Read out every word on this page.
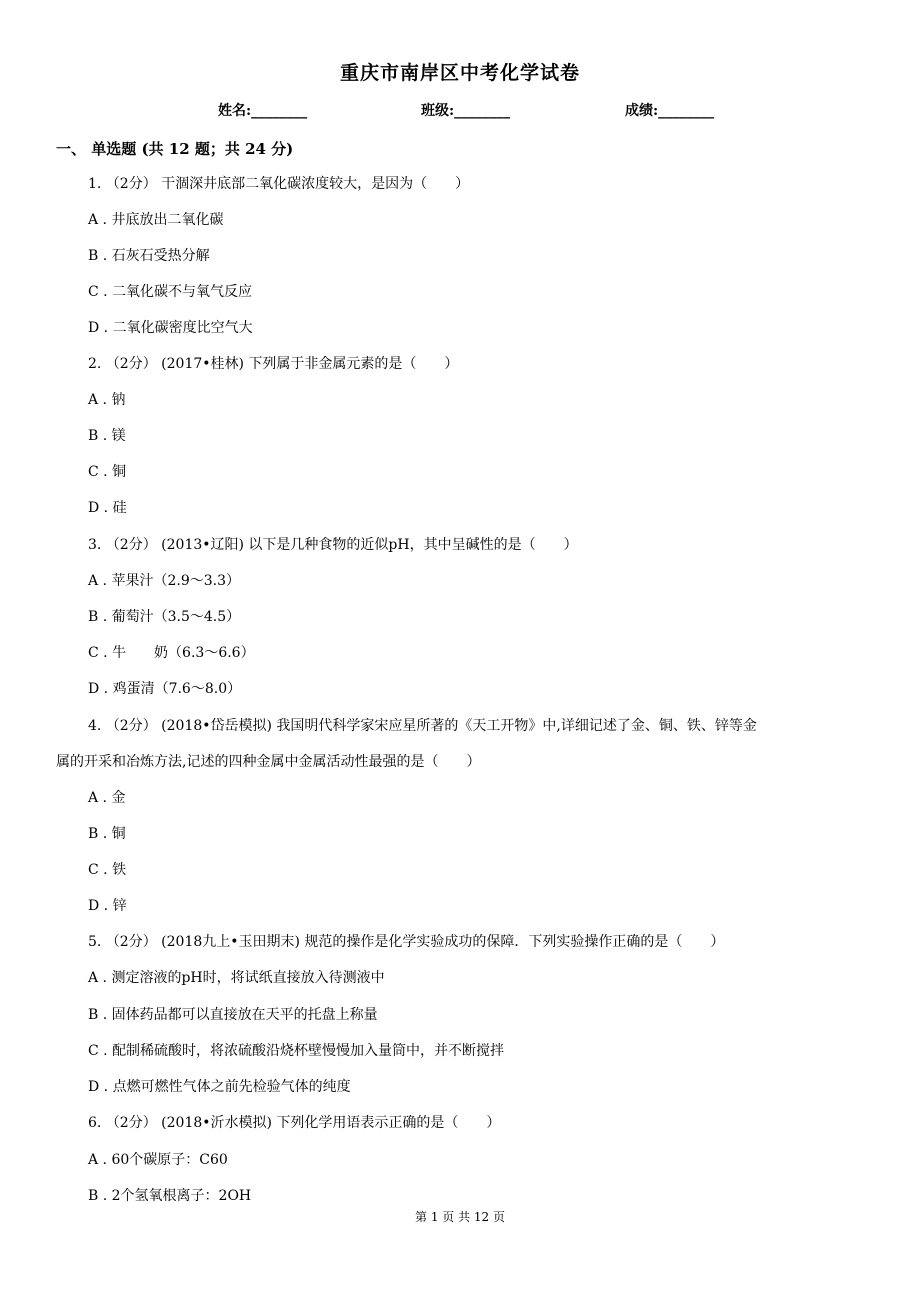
重庆市南岸区中考化学试卷
姓名:________	班级:________	成绩:________
一、 单选题 (共 12 题；共 24 分)
1. （2分） 干涸深井底部二氧化碳浓度较大，是因为（　　）
A . 井底放出二氧化碳
B . 石灰石受热分解
C . 二氧化碳不与氧气反应
D . 二氧化碳密度比空气大
2. （2分） (2017•桂林) 下列属于非金属元素的是（　　）
A . 钠
B . 镁
C . 铜
D . 硅
3. （2分） (2013•辽阳) 以下是几种食物的近似pH，其中呈碱性的是（　　）
A . 苹果汁（2.9～3.3）
B . 葡萄汁（3.5～4.5）
C . 牛　　奶（6.3～6.6）
D . 鸡蛋清（7.6～8.0）
4. （2分） (2018•岱岳模拟) 我国明代科学家宋应星所著的《天工开物》中,详细记述了金、铜、铁、锌等金
属的开采和冶炼方法,记述的四种金属中金属活动性最强的是（　　）
A . 金
B . 铜
C . 铁
D . 锌
5. （2分） (2018九上•玉田期末) 规范的操作是化学实验成功的保障．下列实验操作正确的是（　　）
A . 测定溶液的pH时，将试纸直接放入待测液中
B . 固体药品都可以直接放在天平的托盘上称量
C . 配制稀硫酸时，将浓硫酸沿烧杯壁慢慢加入量筒中，并不断搅拌
D . 点燃可燃性气体之前先检验气体的纯度
6. （2分） (2018•沂水模拟) 下列化学用语表示正确的是（　　）
A . 60个碳原子：C60
B . 2个氢氧根离子：2OH
第 1 页 共 12 页
